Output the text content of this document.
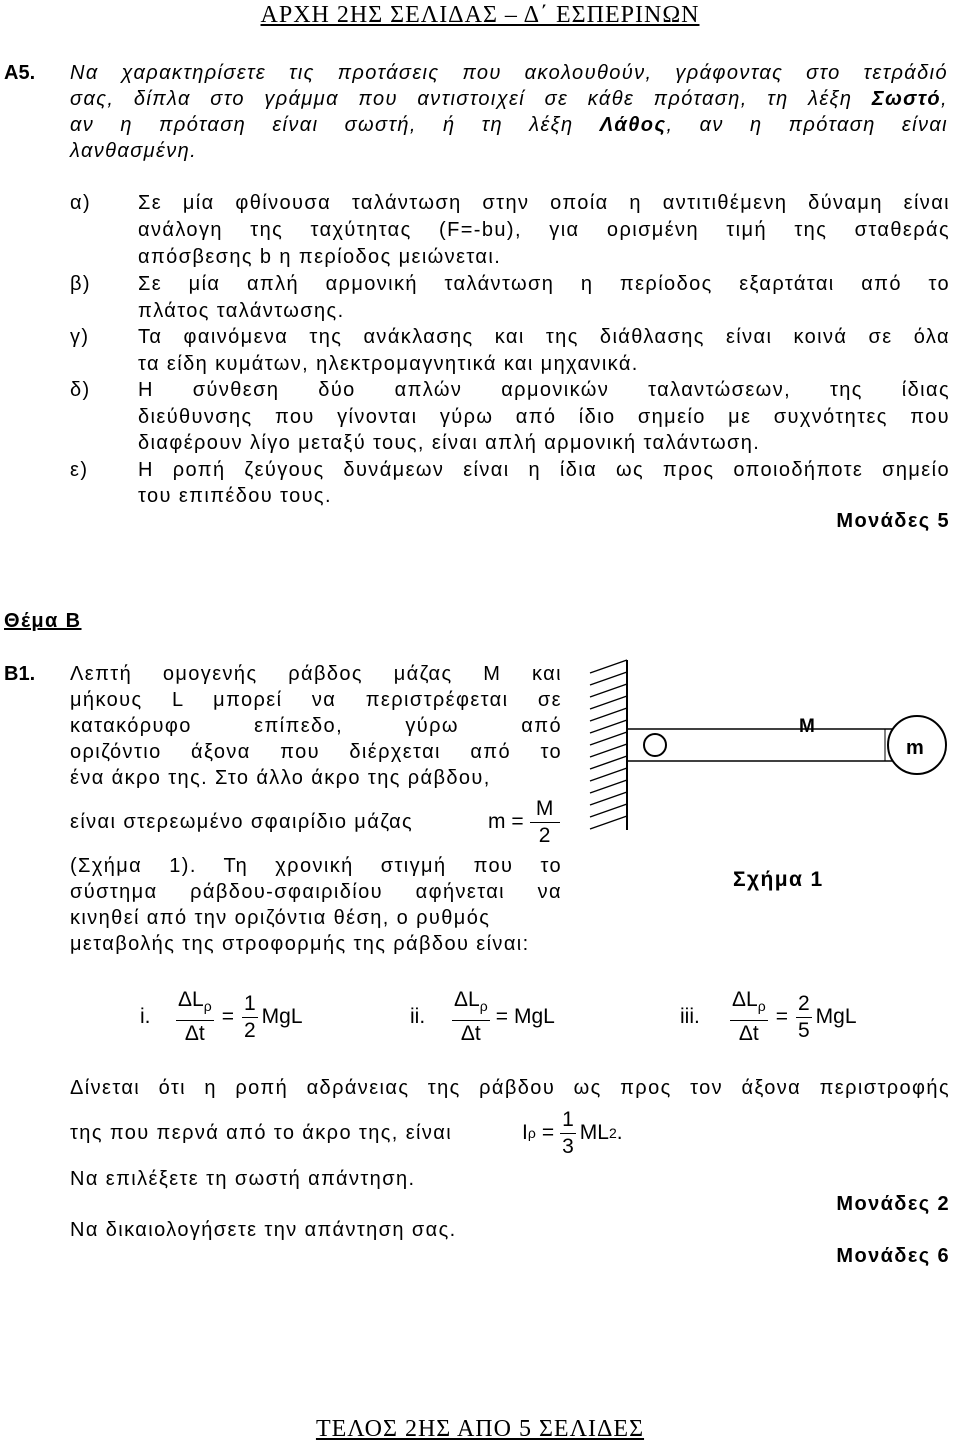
ΑΡΧΗ 2ΗΣ ΣΕΛΙΔΑΣ – Δ΄ ΕΣΠΕΡΙΝΩΝ
Α5. Να χαρακτηρίσετε τις προτάσεις που ακολουθούν, γράφοντας στο τετράδιό
σας, δίπλα στο γράμμα που αντιστοιχεί σε κάθε πρόταση, τη λέξη Σωστό,
αν η πρόταση είναι σωστή, ή τη λέξη Λάθος, αν η πρόταση είναι
λανθασμένη.
α) Σε μία φθίνουσα ταλάντωση στην οποία η αντιτιθέμενη δύναμη είναι
ανάλογη της ταχύτητας (F=-bu), για ορισμένη τιμή της σταθεράς
απόσβεσης b η περίοδος μειώνεται.
β) Σε μία απλή αρμονική ταλάντωση η περίοδος εξαρτάται από το
πλάτος ταλάντωσης.
γ) Τα φαινόμενα της ανάκλασης και της διάθλασης είναι κοινά σε όλα
τα είδη κυμάτων, ηλεκτρομαγνητικά και μηχανικά.
δ) Η σύνθεση δύο απλών αρμονικών ταλαντώσεων, της ίδιας
διεύθυνσης που γίνονται γύρω από ίδιο σημείο με συχνότητες που
διαφέρουν λίγο μεταξύ τους, είναι απλή αρμονική ταλάντωση.
ε) Η ροπή ζεύγους δυνάμεων είναι η ίδια ως προς οποιοδήποτε σημείο
του επιπέδου τους.
Μονάδες 5
Θέμα Β
Β1. Λεπτή ομογενής ράβδος μάζας Μ και
μήκους L μπορεί να περιστρέφεται σε
κατακόρυφο επίπεδο, γύρω από
οριζόντιο άξονα που διέρχεται από το
ένα άκρο της. Στο άλλο άκρο της ράβδου,
είναι στερεωμένο σφαιρίδιο μάζας	$m = \frac{M}{2}$
(Σχήμα 1). Τη χρονική στιγμή που το
σύστημα ράβδου-σφαιριδίου αφήνεται να
κινηθεί από την οριζόντια θέση, ο ρυθμός
μεταβολής της στροφορμής της ράβδου είναι:
M
m
Σχήμα 1
i.	$\frac{\Delta L_\rho}{\Delta t} = \frac{1}{2}$ MgL	ii.	$\frac{\Delta L_\rho}{\Delta t}$ = MgL	iii.	$\frac{\Delta L_\rho}{\Delta t} = \frac{2}{5}$ MgL
Δίνεται ότι η ροπή αδράνειας της ράβδου ως προς τον άξονα περιστροφής
της που περνά από το άκρο της, είναι	I $\rho = \frac{1}{3}$ ML 2 .
Να επιλέξετε τη σωστή απάντηση.
Μονάδες 2
Να δικαιολογήσετε την απάντηση σας.
Μονάδες 6
ΤΕΛΟΣ 2ΗΣ ΑΠΟ 5 ΣΕΛΙΔΕΣ
